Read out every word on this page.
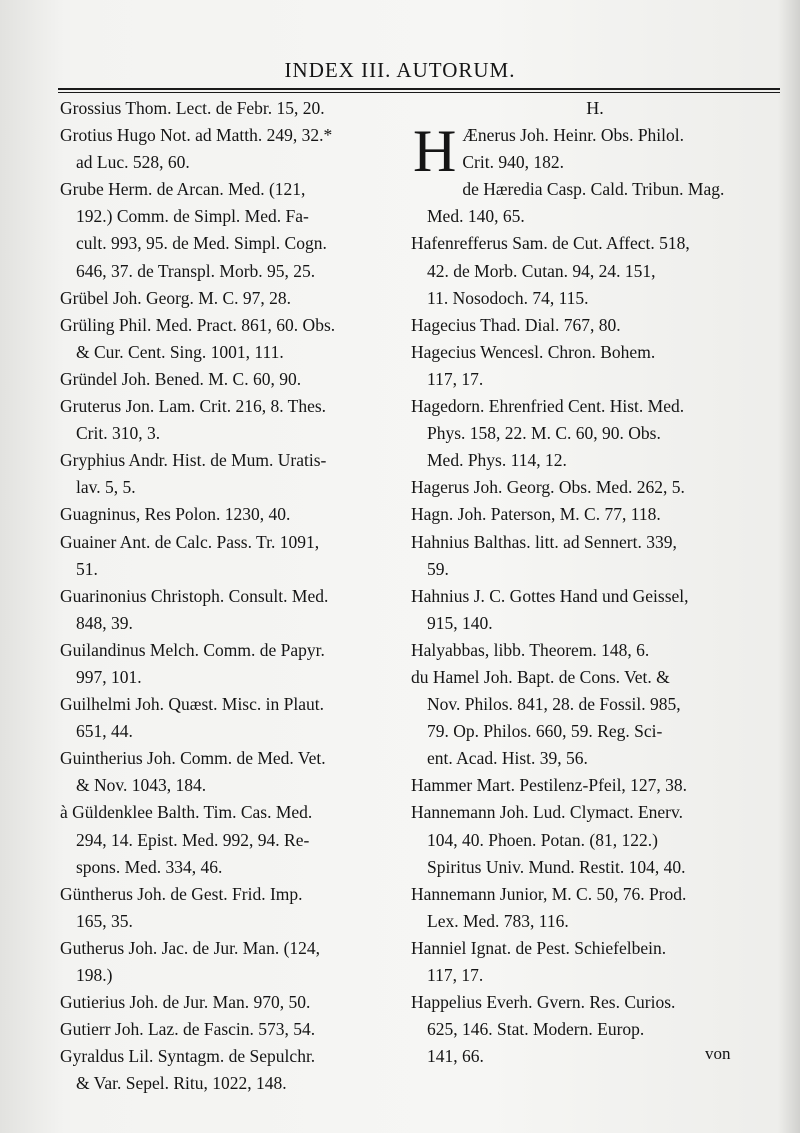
INDEX III. AUTORUM.
Grossius Thom. Lect. de Febr. 15, 20.
Grotius Hugo Not. ad Matth. 249, 32.*
ad Luc. 528, 60.
Grube Herm. de Arcan. Med. (121,
192.) Comm. de Simpl. Med. Fa-
cult. 993, 95. de Med. Simpl. Cogn.
646, 37. de Transpl. Morb. 95, 25.
Grübel Joh. Georg. M. C. 97, 28.
Grüling Phil. Med. Pract. 861, 60. Obs.
& Cur. Cent. Sing. 1001, 111.
Gründel Joh. Bened. M. C. 60, 90.
Gruterus Jon. Lam. Crit. 216, 8. Thes.
Crit. 310, 3.
Gryphius Andr. Hist. de Mum. Uratis-
lav. 5, 5.
Guagninus, Res Polon. 1230, 40.
Guainer Ant. de Calc. Pass. Tr. 1091,
51.
Guarinonius Christoph. Consult. Med.
848, 39.
Guilandinus Melch. Comm. de Papyr.
997, 101.
Guilhelmi Joh. Quæst. Misc. in Plaut.
651, 44.
Guintherius Joh. Comm. de Med. Vet.
& Nov. 1043, 184.
à Güldenklee Balth. Tim. Cas. Med.
294, 14. Epist. Med. 992, 94. Re-
spons. Med. 334, 46.
Güntherus Joh. de Gest. Frid. Imp.
165, 35.
Gutherus Joh. Jac. de Jur. Man. (124,
198.)
Gutierius Joh. de Jur. Man. 970, 50.
Gutierr Joh. Laz. de Fascin. 573, 54.
Gyraldus Lil. Syntagm. de Sepulchr.
& Var. Sepel. Ritu, 1022, 148.
H.
H Ænerus Joh. Heinr. Obs. Philol.
Crit. 940, 182.
de Hæredia Casp. Cald. Tribun. Mag.
Med. 140, 65.
Hafenrefferus Sam. de Cut. Affect. 518,
42. de Morb. Cutan. 94, 24. 151,
11. Nosodoch. 74, 115.
Hagecius Thad. Dial. 767, 80.
Hagecius Wencesl. Chron. Bohem.
117, 17.
Hagedorn. Ehrenfried Cent. Hist. Med.
Phys. 158, 22. M. C. 60, 90. Obs.
Med. Phys. 114, 12.
Hagerus Joh. Georg. Obs. Med. 262, 5.
Hagn. Joh. Paterson, M. C. 77, 118.
Hahnius Balthas. litt. ad Sennert. 339,
59.
Hahnius J. C. Gottes Hand und Geissel,
915, 140.
Halyabbas, libb. Theorem. 148, 6.
du Hamel Joh. Bapt. de Cons. Vet. &
Nov. Philos. 841, 28. de Fossil. 985,
79. Op. Philos. 660, 59. Reg. Sci-
ent. Acad. Hist. 39, 56.
Hammer Mart. Pestilenz-Pfeil, 127, 38.
Hannemann Joh. Lud. Clymact. Enerv.
104, 40. Phoen. Potan. (81, 122.)
Spiritus Univ. Mund. Restit. 104, 40.
Hannemann Junior, M. C. 50, 76. Prod.
Lex. Med. 783, 116.
Hanniel Ignat. de Pest. Schiefelbein.
117, 17.
Happelius Everh. Gvern. Res. Curios.
625, 146. Stat. Modern. Europ.
141, 66.	von
